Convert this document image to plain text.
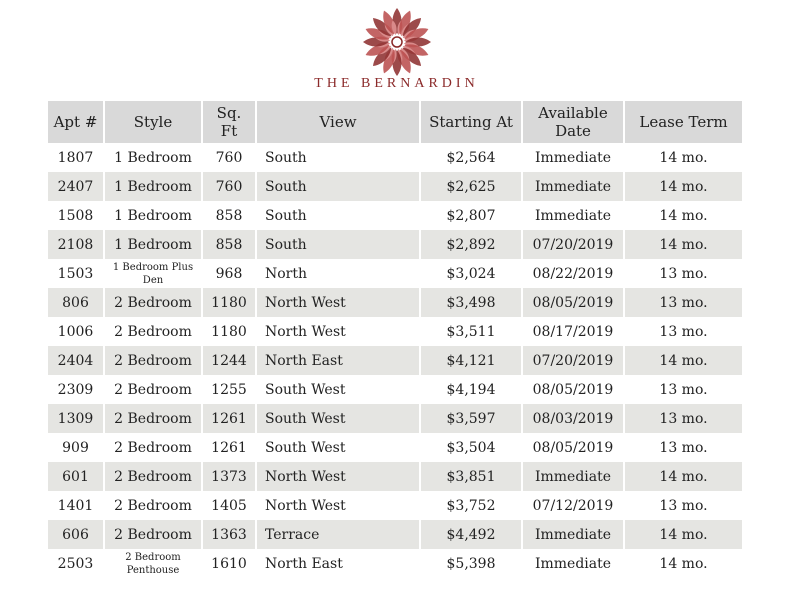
THE BERNARDIN
Apt #	Style	Sq. Ft	View	Starting At	Available Date	Lease Term
1807	1 Bedroom	760	South	$2,564	Immediate	14 mo.
2407	1 Bedroom	760	South	$2,625	Immediate	14 mo.
1508	1 Bedroom	858	South	$2,807	Immediate	14 mo.
2108	1 Bedroom	858	South	$2,892	07/20/2019	14 mo.
1503	1 Bedroom Plus Den	968	North	$3,024	08/22/2019	13 mo.
806	2 Bedroom	1180	North West	$3,498	08/05/2019	13 mo.
1006	2 Bedroom	1180	North West	$3,511	08/17/2019	13 mo.
2404	2 Bedroom	1244	North East	$4,121	07/20/2019	14 mo.
2309	2 Bedroom	1255	South West	$4,194	08/05/2019	13 mo.
1309	2 Bedroom	1261	South West	$3,597	08/03/2019	13 mo.
909	2 Bedroom	1261	South West	$3,504	08/05/2019	13 mo.
601	2 Bedroom	1373	North West	$3,851	Immediate	14 mo.
1401	2 Bedroom	1405	North West	$3,752	07/12/2019	13 mo.
606	2 Bedroom	1363	Terrace	$4,492	Immediate	14 mo.
2503	2 Bedroom Penthouse	1610	North East	$5,398	Immediate	14 mo.
